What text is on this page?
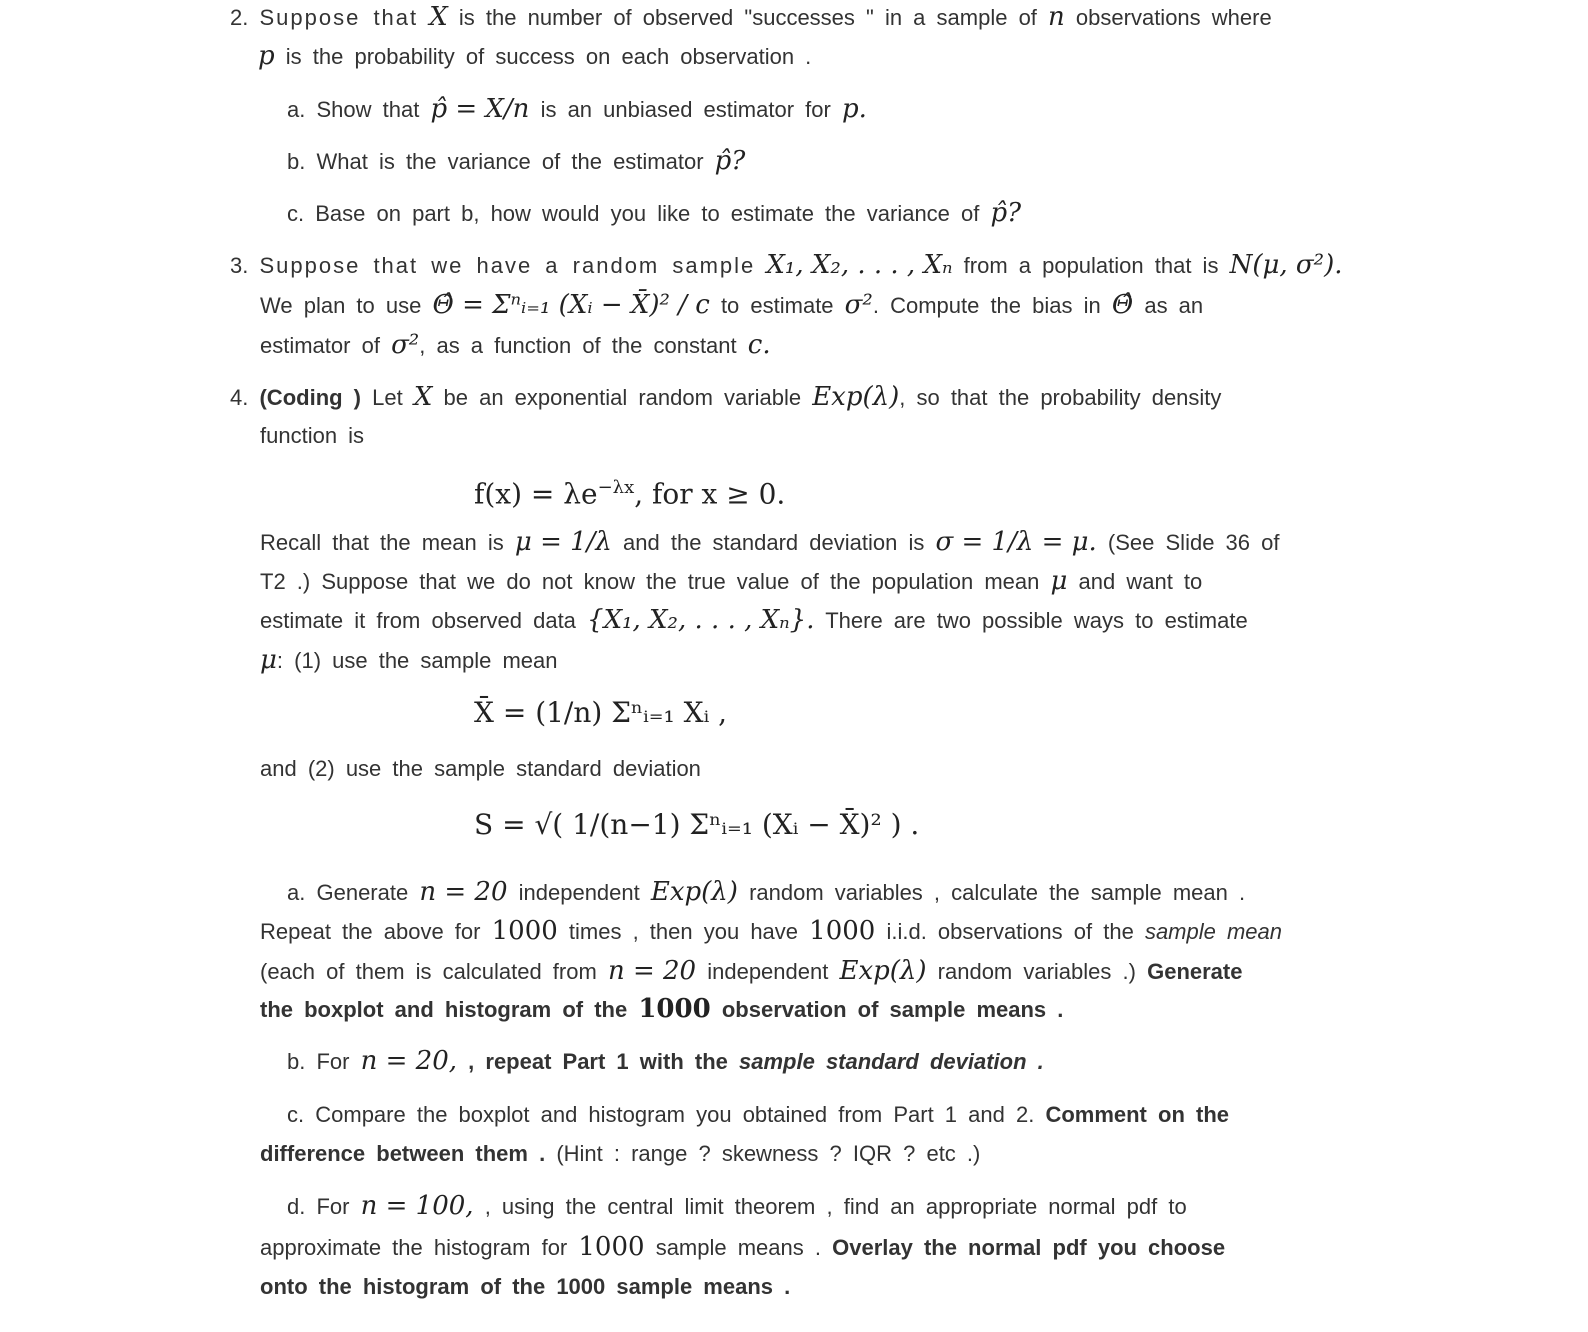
2. Suppose that X is the number of observed "successes " in a sample of n observations where
p is the probability of success on each observation .
a. Show that p̂ = X/n is an unbiased estimator for p.
b. What is the variance of the estimator p̂?
c. Base on part b, how would you like to estimate the variance of p̂?
3. Suppose that we have a random sample X₁, X₂, . . . , Xₙ from a population that is N(μ, σ²).
We plan to use Θ̂ = Σⁿᵢ₌₁ (Xᵢ − X̄)² / c to estimate σ². Compute the bias in Θ̂ as an
estimator of σ², as a function of the constant c.
4. (Coding ) Let X be an exponential random variable Exp(λ), so that the probability density
function is
$f(x) = \lambda e^{-\lambda x}$, for x ≥ 0.
Recall that the mean is μ = 1/λ and the standard deviation is σ = 1/λ = μ. (See Slide 36 of
T2 .) Suppose that we do not know the true value of the population mean μ and want to
estimate it from observed data {X₁, X₂, . . . , Xₙ}. There are two possible ways to estimate
μ: (1) use the sample mean
X̄ = (1/n) Σⁿᵢ₌₁ Xᵢ ,
and (2) use the sample standard deviation
S = √( 1/(n−1) Σⁿᵢ₌₁ (Xᵢ − X̄)² ) .
a. Generate n = 20 independent Exp(λ) random variables , calculate the sample mean .
Repeat the above for 1000 times , then you have 1000 i.i.d. observations of the sample mean
(each of them is calculated from n = 20 independent Exp(λ) random variables .) Generate
the boxplot and histogram of the 1000 observation of sample means .
b. For n = 20, , repeat Part 1 with the sample standard deviation .
c. Compare the boxplot and histogram you obtained from Part 1 and 2. Comment on the
difference between them . (Hint : range ? skewness ? IQR ? etc .)
d. For n = 100, , using the central limit theorem , find an appropriate normal pdf to
approximate the histogram for 1000 sample means . Overlay the normal pdf you choose
onto the histogram of the 1000 sample means .
